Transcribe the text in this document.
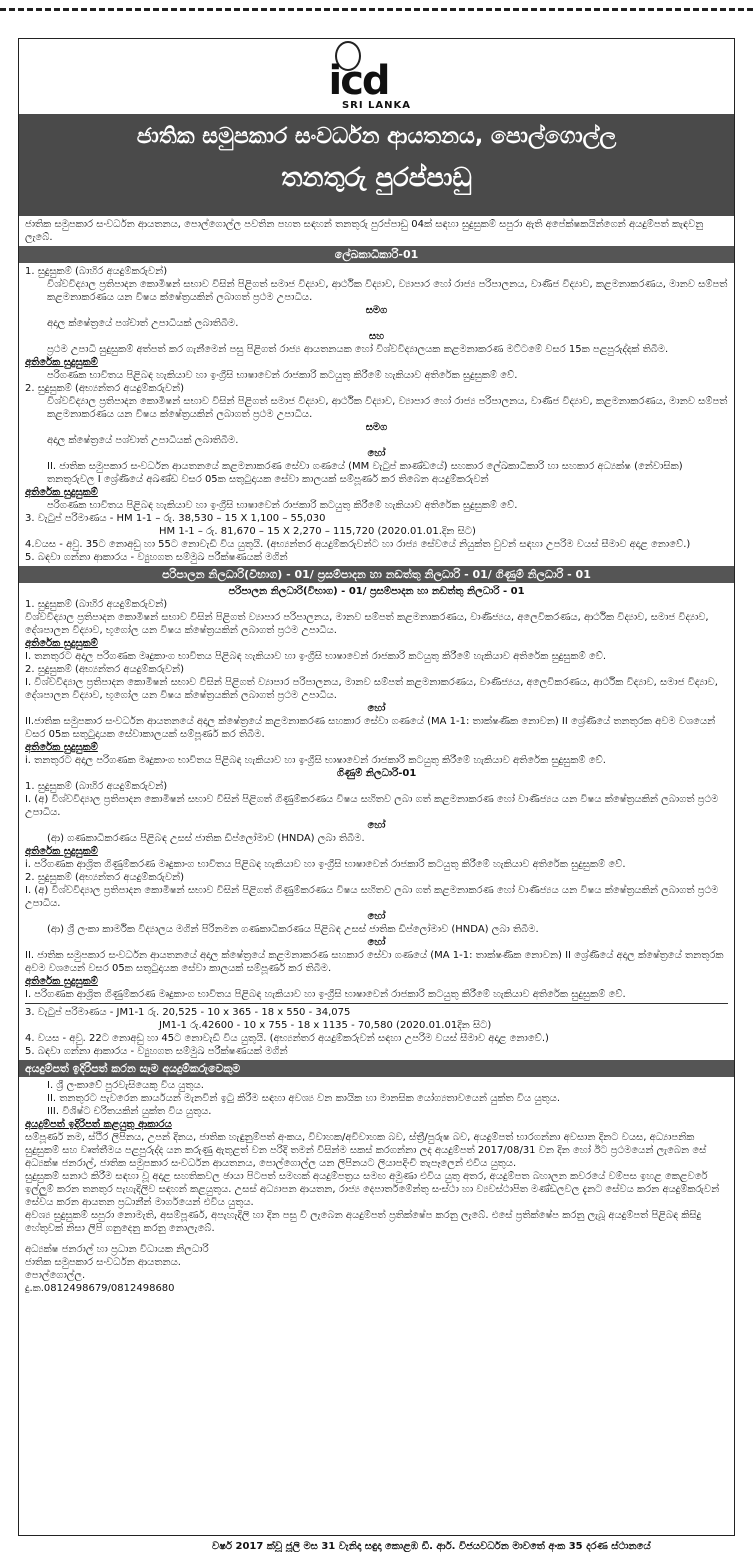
icd
SRI LANKA
ජාතික සමුපකාර සංවර්ධන ආයතනය, පොල්ගොල්ල
තනතුරු පුරප්පාඩු
ජාතික සමුපකාර සංවර්ධන ආයතනය, පොල්ගොල්ල පවතින පහත සඳහන් තනතුරු පුරප්පාඩු 04ක් සඳහා සුදුසුකම් සපුරා ඇති අපේක්ෂකයින්ගෙන් අයදුම්පත් කැඳවනු ලැබේ.
ලේඛකාධිකාරි-01
1. සුදුසුකම් (බාහිර අයදුම්කරුවන්)
විශ්වවිද්‍යාල ප්‍රතිපාදන කොමිෂන් සභාව විසින් පිළිගත් සමාජ විද්‍යාව, ආර්ථික විද්‍යාව, ව්‍යාපාර හෝ රාජ්‍ය පරිපාලනය, වාණිජ විද්‍යාව, කළමනාකරණය, මානව සම්පත් කළමනාකරණය යන විෂය ක්ෂේත්‍රයකින් ලබාගත් ප්‍රථම උපාධිය.
සමග
අදාල ක්ෂේත්‍රයේ පශ්චාත් උපාධියක් ලබාතිබීම.
සහ
ප්‍රථම උපාධි සුදුසුකම් අත්පත් කර ගැනීමෙන් පසු පිළිගත් රාජ්‍ය ආයතනයක හෝ විශ්වවිද්‍යාලයක කළමනාකරණ මට්ටමේ වසර 15ක පළපුරුද්දක් තිබීම.
අතිරේක සුදුසුකම්
පරිගණක භාවිතය පිළිබඳ හැකියාව හා ඉංග්‍රීසි භාෂාවෙන් රාජකාරි කටයුතු කිරීමේ හැකියාව අතිරේක සුදුසුකම් වේ.
2. සුදුසුකම් (අභ්‍යන්තර අයදුම්කරුවන්)
විශ්වවිද්‍යාල ප්‍රතිපාදන කොමිෂන් සභාව විසින් පිළිගත් සමාජ විද්‍යාව, ආර්ථික විද්‍යාව, ව්‍යාපාර හෝ රාජ්‍ය පරිපාලනය, වාණිජ විද්‍යාව, කළමනාකරණය, මානව සම්පත් කළමනාකරණය යන විෂය ක්ෂේත්‍රයකින් ලබාගත් ප්‍රථම උපාධිය.
සමග
අදාල ක්ෂේත්‍රයේ පශ්චාත් උපාධියක් ලබාතිබීම.
හෝ
II. ජාතික සමුපකාර සංවර්ධන ආයතනයේ කළමනාකරණ සේවා ගණයේ (MM වැටුප් කාණ්ඩයේ) සහකාර ලේඛකාධිකාරි හා සහකාර අධ්‍යක්ෂ (නේවාසික) තනතුරුවල I ශ්‍රේණියේ අඛණ්ඩ වසර 05ක සතුටුදායක සේවා කාලයක් සම්පූර්ණ කර තිබෙන අයදුම්කරුවන්
අතිරේක සුදුසුකම්
පරිගණක භාවිතය පිළිබඳ හැකියාව හා ඉංග්‍රීසි භාෂාවෙන් රාජකාරි කටයුතු කිරීමේ හැකියාව අතිරේක සුදුසුකම් වේ.
3. වැටුප් පරිමාණය - HM 1-1 – රු. 38,530 – 15 X 1,100 – 55,030
HM 1-1 – රු. 81,670 – 15 X 2,270 – 115,720 (2020.01.01.දින සිට)
4.වයස - අවු. 35ට නොඅඩු හා 55ට නොවැඩි විය යුතුයි. (අභ්‍යන්තර අයදුම්කරුවන්ට හා රාජ්‍ය සේවයේ නියුක්ත වුවන් සඳහා උපරිම වයස් සීමාව අදාළ නොවේ.)
5. බඳවා ගන්නා ආකාරය - ව්‍යුහගත සම්මුඛ පරීක්ෂණයක් මගින්
පරිපාලන නිලධාරි(විභාග) - 01/ ප්‍රසම්පාදන හා නඩත්තු නිලධාරි - 01/ ගිණුම් නිලධාරි - 01
පරිපාලන නිලධාරි(විභාග) - 01/ ප්‍රසම්පාදන හා නඩත්තු නිලධාරි - 01
1. සුදුසුකම් (බාහිර අයදුම්කරුවන්)
විශ්වවිද්‍යාල ප්‍රතිපාදන කොමිෂන් සභාව විසින් පිළිගත් ව්‍යාපාර පරිපාලනය, මානව සම්පත් කළමනාකරණය, වාණිජ්‍යය, අලෙවිකරණය, ආර්ථික විද්‍යාව, සමාජ විද්‍යාව, දේශපාලන විද්‍යාව, භූගෝල යන විෂය ක්ෂේත්‍රයකින් ලබාගත් ප්‍රථම උපාධිය.
අතිරේක සුදුසුකම්
I. තනතුරට අදාල පරිගණක මෘදුකාංග භාවිතය පිළිබඳ හැකියාව හා ඉංග්‍රීසි භාෂාවෙන් රාජකාරි කටයුතු කිරීමේ හැකියාව අතිරේක සුදුසුකම් වේ.
2. සුදුසුකම් (අභ්‍යන්තර අයදුම්කරුවන්)
I. විශ්වවිද්‍යාල ප්‍රතිපාදන කොමිෂන් සභාව විසින් පිළිගත් ව්‍යාපාර පරිපාලනය, මානව සම්පත් කළමනාකරණය, වාණිජ්‍යය, අලෙවිකරණය, ආර්ථික විද්‍යාව, සමාජ විද්‍යාව, දේශපාලන විද්‍යාව, භූගෝල යන විෂය ක්ෂේත්‍රයකින් ලබාගත් ප්‍රථම උපාධිය.
හෝ
II.ජාතික සමුපකාර සංවර්ධන ආයතනයේ අදාල ක්ෂේත්‍රයේ කළමනාකරණ සහකාර සේවා ගණයේ (MA 1-1: තාක්ෂණික නොවන) II ශ්‍රේණියේ තනතුරක අවම වශයෙන් වසර 05ක සතුටුදායක සේවාකාලයක් සම්පූර්ණ කර තිබීම.
අතිරේක සුදුසුකම්
i. තනතුරට අදාල පරිගණක මෘදුකාංග භාවිතය පිළිබඳ හැකියාව හා ඉංග්‍රීසි භාෂාවෙන් රාජකාරි කටයුතු කිරීමේ හැකියාව අතිරේක සුදුසුකම් වේ.
ගිණුම් නිලධාරි-01
1. සුදුසුකම් (බාහිර අයදුම්කරුවන්)
I. (අ) විශ්වවිද්‍යාල ප්‍රතිපාදන කොමිෂන් සභාව විසින් පිළිගත් ගිණුම්කරණය විෂය සහිතව ලබා ගත් කළමනාකරණ හෝ වාණිජ්‍යය යන විෂය ක්ෂේත්‍රයකින් ලබාගත් ප්‍රථම උපාධිය.
හෝ
(ආ) ගණකාධිකරණය පිළිබඳ උසස් ජාතික ඩිප්ලෝමාව (HNDA) ලබා තිබීම.
අතිරේක සුදුසුකම්
i. පරිගණක ආශ්‍රිත ගිණුම්කරණ මෘදුකාංග භාවිතය පිළිබඳ හැකියාව හා ඉංග්‍රීසි භාෂාවෙන් රාජකාරි කටයුතු කිරීමේ හැකියාව අතිරේක සුදුසුකම් වේ.
2. සුදුසුකම් (අභ්‍යන්තර අයදුම්කරුවන්)
I. (අ) විශ්වවිද්‍යාල ප්‍රතිපාදන කොමිෂන් සභාව විසින් පිළිගත් ගිණුම්කරණය විෂය සහිතව ලබා ගත් කළමනාකරණ හෝ වාණිජ්‍යය යන විෂය ක්ෂේත්‍රයකින් ලබාගත් ප්‍රථම උපාධිය.
හෝ
(ආ) ශ්‍රී ලංකා කාර්මික විද්‍යාලය මගින් පිරිනමන ගණකාධිකරණය පිළිබඳ උසස් ජාතික ඩිප්ලෝමාව (HNDA) ලබා තිබීම.
හෝ
II. ජාතික සමුපකාර සංවර්ධන ආයතනයේ අදාල ක්ෂේත්‍රයේ කළමනාකරණ සහකාර සේවා ගණයේ (MA 1-1: තාක්ෂණික නොවන) II ශ්‍රේණියේ අදාල ක්ෂේත්‍රයේ තනතුරක අවම වශයෙන් වසර 05ක සතුටුදායක සේවා කාලයක් සම්පූර්ණ කර තිබීම.
අතිරේක සුදුසුකම්
I. පරිගණක ආශ්‍රිත ගිණුම්කරණ මෘදුකාංග භාවිතය පිළිබඳ හැකියාව හා ඉංග්‍රීසි භාෂාවෙන් රාජකාරි කටයුතු කිරීමේ හැකියාව අතිරේක සුදුසුකම් වේ.
3. වැටුප් පරිමාණය - JM1-1 රු. 20,525 - 10 x 365 - 18 x 550 - 34,075
JM1-1 රු.42600 - 10 x 755 - 18 x 1135 - 70,580 (2020.01.01දින සිට)
4. වයස - අවු. 22ට නොඅඩු හා 45ට නොවැඩි විය යුතුයි. (අභ්‍යන්තර අයදුම්කරුවන් සඳහා උපරිම වයස් සීමාව අදාළ නොවේ.)
5. බඳවා ගන්නා ආකාරය - ව්‍යුහගත සම්මුඛ පරීක්ෂණයක් මගින්
අයදුම්පත් ඉදිරිපත් කරන සෑම අයදුම්කරුවෙකුම
I. ශ්‍රී ලංකාවේ පුරවැසියෙකු විය යුතුය.
II. තනතුරට පැවරෙන කාර්යයන් මැනවින් ඉටු කිරීම සඳහා අවශ්‍ය වන කායික හා මානසික යෝග්‍යතාවයෙන් යුක්ත විය යුතුය.
III. විශිෂ්ට චරිතයකින් යුක්ත විය යුතුය.
අයදුම්පත් ඉදිරිපත් කළයුතු ආකාරය
සම්පූර්ණ නම, ස්ථිර ලිපිනය, උපන් දිනය, ජාතික හැඳුනුම්පත් අංකය, විවාහක/අවිවාහක බව, ස්ත්‍රී/පුරුෂ බව, අයදුම්පත් භාරගන්නා අවසාන දිනට වයස, අධ්‍යාපනික සුදුසුකම් සහ වෘත්තීමය පළපුරුද්ද යන කරුණු ඇතුළත් වන පරිදි තමන් විසින්ම සකස් කරගන්නා ලද අයදුම්පත් 2017/08/31 වන දින හෝ ඊට ප්‍රථමයෙන් ලැබෙන සේ අධ්‍යක්ෂ ජනරාල්, ජාතික සමුපකාර සංවර්ධන ආයතනය, පොල්ගොල්ල යන ලිපිනයට ලියාපදිංචි තැපෑලෙන් එවිය යුතුය.
සුදුසුකම් සනාථ කිරීම සඳහා වූ අදාළ සහතිකවල ඡායා පිටපත් සමඟක් අයදුම්පත්‍රය සමඟ අමුණා එවිය යුතු අතර, අයදුම්පත බහාලන කවරයේ වම්පස ඉහළ කෙළවරේ ඉල්ලුම් කරන තනතුර පැහැදිලිව සඳහන් කළයුතුය. උසස් අධ්‍යාපන ආයතන, රාජ්‍ය දෙපාර්තමේන්තු සංස්ථා හා ව්‍යවස්ථාපිත මණ්ඩලවල දැනට සේවය කරන අයදුම්කරුවන් සේවය කරන ආයතන ප්‍රධානීන් මාර්ගයෙන් එවිය යුතුය.
අවශ්‍ය සුදුසුකම් සපුරා නොමැති, අසම්පූර්ණ, අපැහැදිලි හා දින පසු වී ලැබෙන අයදුම්පත් ප්‍රතික්ෂේප කරනු ලැබේ. එසේ ප්‍රතික්ෂේප කරනු ලැබූ අයදුම්පත් පිළිබඳ කිසිදු හේතුවක් නිසා ලිපි ගනුදෙනු කරනු නොලැබේ.
අධ්‍යක්ෂ ජනරාල් හා ප්‍රධාන විධායක නිලධාරි
ජාතික සමුපකාර සංවර්ධන ආයතනය.
පොල්ගොල්ල.
දු.ක.0812498679/0812498680
වර්ෂ 2017 ක්වූ ජූලි මස 31 වැනිදා සඳුදා කොළඹ ඩී. ආර්. විජයවර්ධන මාවතේ අංක 35 දරණ ස්ථානයේ
